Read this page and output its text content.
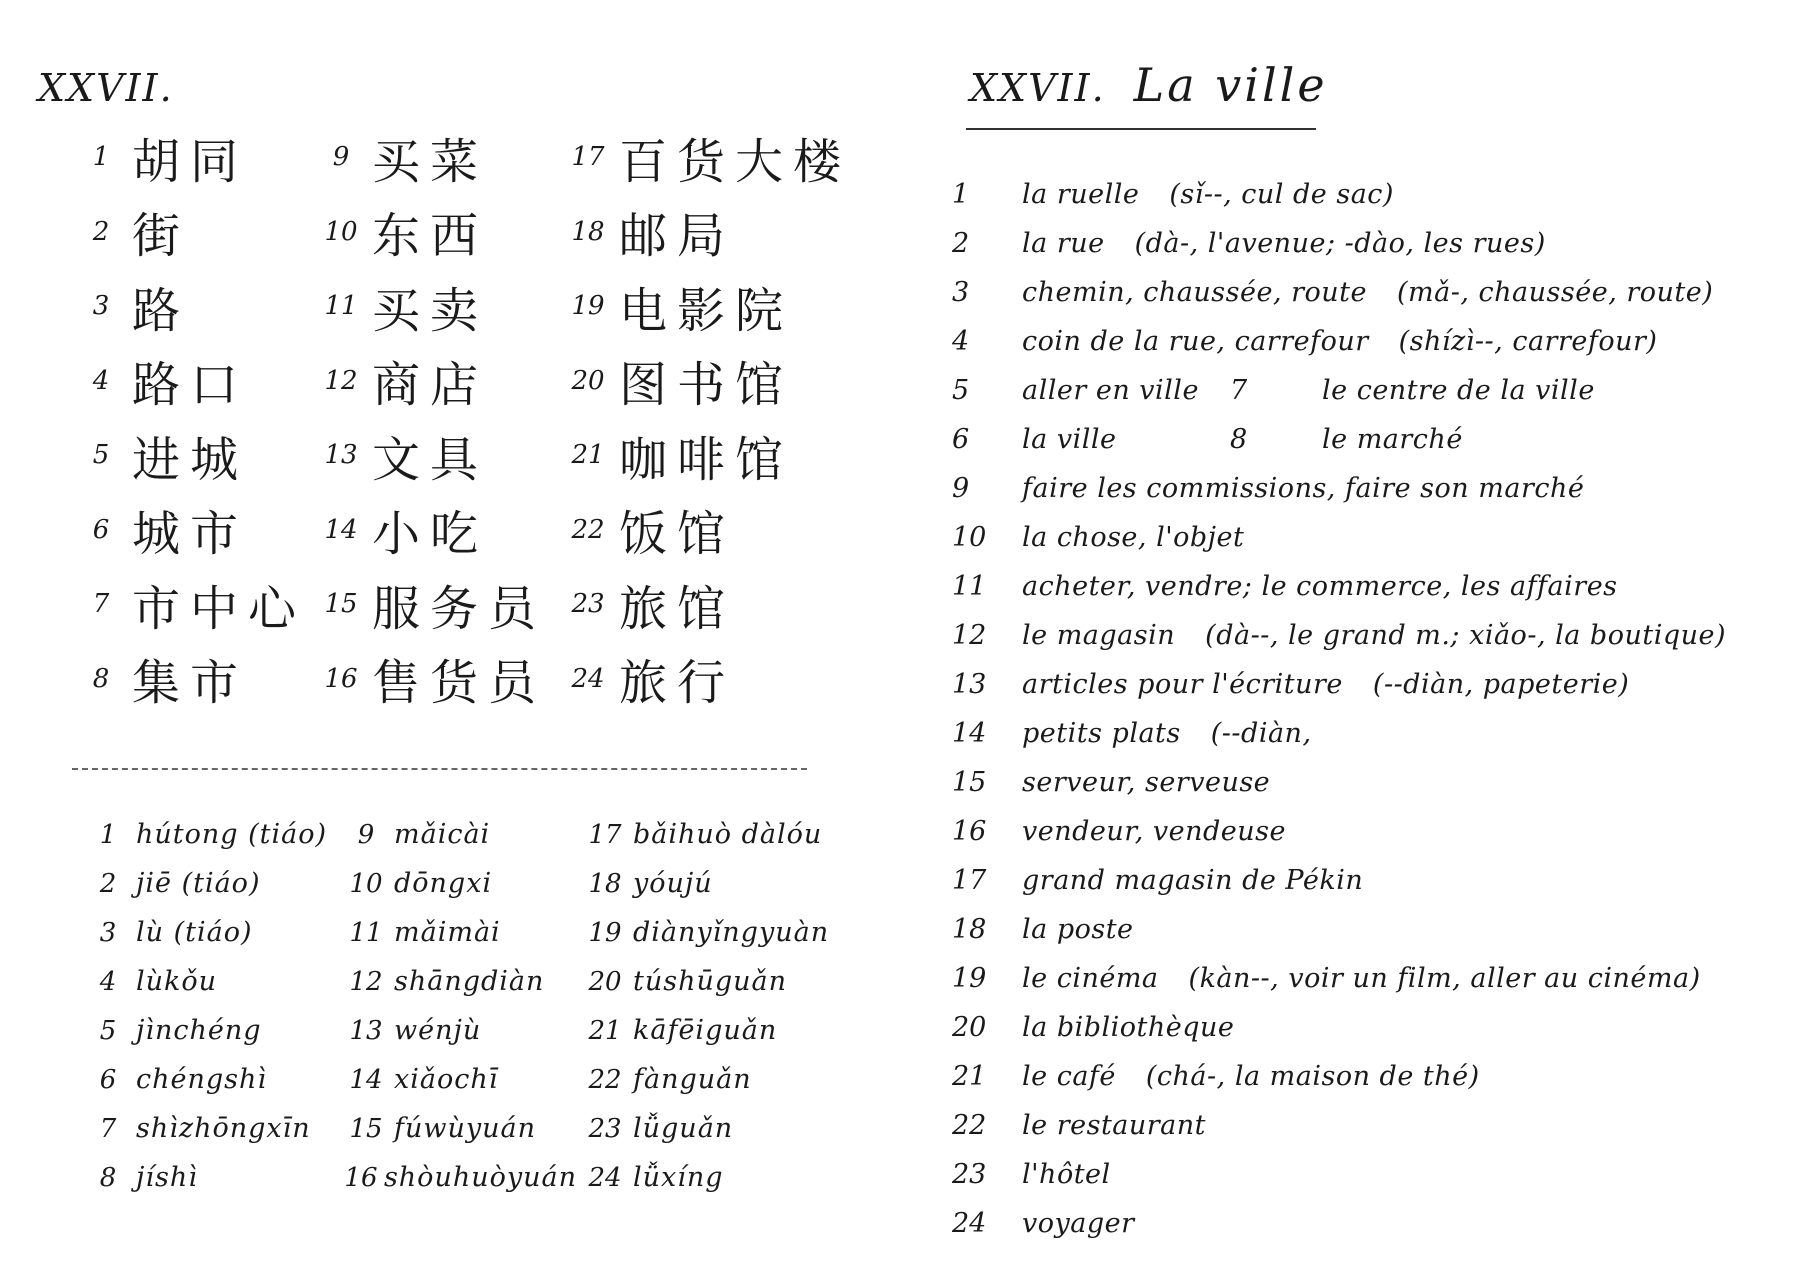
XXVII.
1 胡同	9 买菜	17 百货大楼
2 街	10 东西	18 邮局
3 路	11 买卖	19 电影院
4 路口	12 商店	20 图书馆
5 进城	13 文具	21 咖啡馆
6 城市	14 小吃	22 饭馆
7 市中心 15 服务员 23 旅馆
8 集市	16 售货员 24 旅行
1 hútong (tiáo)	9 mǎicài	17 bǎihuò dàlóu
2 jiē (tiáo)	10 dōngxi	18 yóujú
3 lù (tiáo)	11 mǎimài	19 diànyǐngyuàn
4 lùkǒu	12 shāngdiàn	20 túshūguǎn
5 jìnchéng	13 wénjù	21 kāfēiguǎn
6 chéngshì	14 xiǎochī	22 fànguǎn
7 shìzhōngxīn	15 fúwùyuán	23 lǚguǎn
8 jíshì	16 shòuhuòyuán 24 lǚxíng
XXVII. La ville
1	la ruelle (sǐ--, cul de sac)
2	la rue (dà-, l'avenue; -dào, les rues)
3	chemin, chaussée, route (mǎ-, chaussée, route)
4	coin de la rue, carrefour (shízì--, carrefour)
5	aller en ville 7	le centre de la ville
6	la ville	8	le marché
9	faire les commissions, faire son marché
10	la chose, l'objet
11	acheter, vendre; le commerce, les affaires
12	le magasin (dà--, le grand m.; xiǎo-, la boutique)
13	articles pour l'écriture (--diàn, papeterie)
14	petits plats (--diàn,
15	serveur, serveuse
16	vendeur, vendeuse
17	grand magasin de Pékin
18	la poste
19	le cinéma (kàn--, voir un film, aller au cinéma)
20	la bibliothèque
21	le café (chá-, la maison de thé)
22	le restaurant
23	l'hôtel
24	voyager
